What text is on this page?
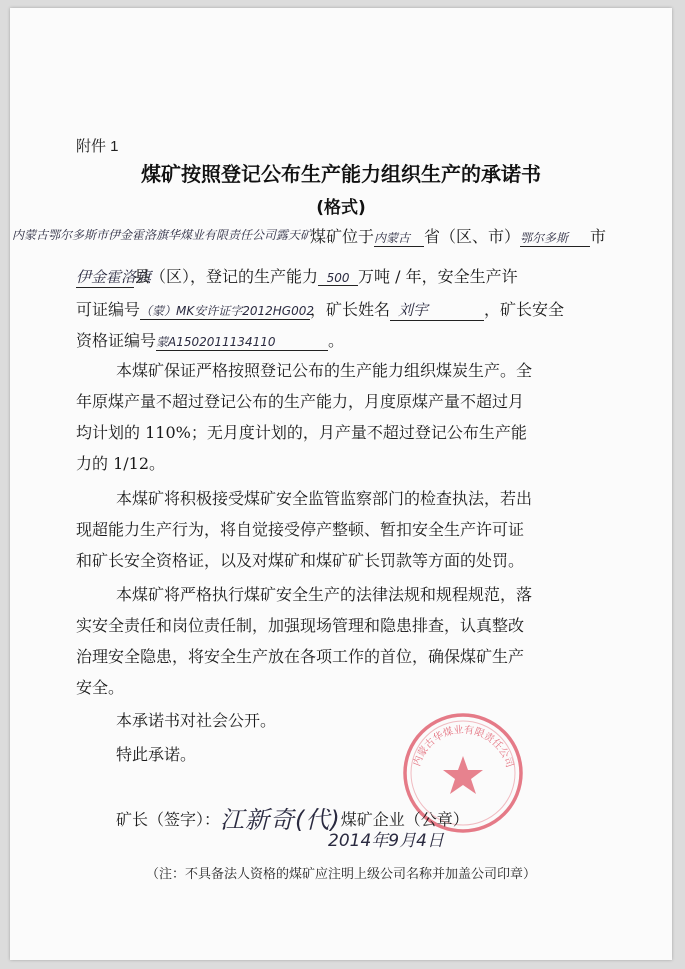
附件 1
煤矿按照登记公布生产能力组织生产的承诺书
(格式)
内蒙古鄂尔多斯市伊金霍洛旗华煤业有限责任公司露天矿
煤矿位于内蒙古 省（区、市）鄂尔多斯 市
伊金霍洛旗县（区），登记的生产能力 500 万吨 / 年，安全生产许
可证编号（蒙）MK安许证字2012HG002，矿长姓名 刘宇	，矿长安全
资格证编号蒙A1502011134110	。
本煤矿保证严格按照登记公布的生产能力组织煤炭生产。全
年原煤产量不超过登记公布的生产能力，月度原煤产量不超过月
均计划的 110%；无月度计划的，月产量不超过登记公布生产能
力的 1/12。
本煤矿将积极接受煤矿安全监管监察部门的检查执法，若出
现超能力生产行为，将自觉接受停产整顿、暂扣安全生产许可证
和矿长安全资格证，以及对煤矿和煤矿矿长罚款等方面的处罚。
本煤矿将严格执行煤矿安全生产的法律法规和规程规范，落
实安全责任和岗位责任制，加强现场管理和隐患排查，认真整改
治理安全隐患，将安全生产放在各项工作的首位，确保煤矿生产
安全。
本承诺书对社会公开。
特此承诺。	内蒙古华煤业有限责任公司
矿长（签字）：江新奇(代)煤矿企业（公章）
2014年9月4日
（注：不具备法人资格的煤矿应注明上级公司名称并加盖公司印章）
